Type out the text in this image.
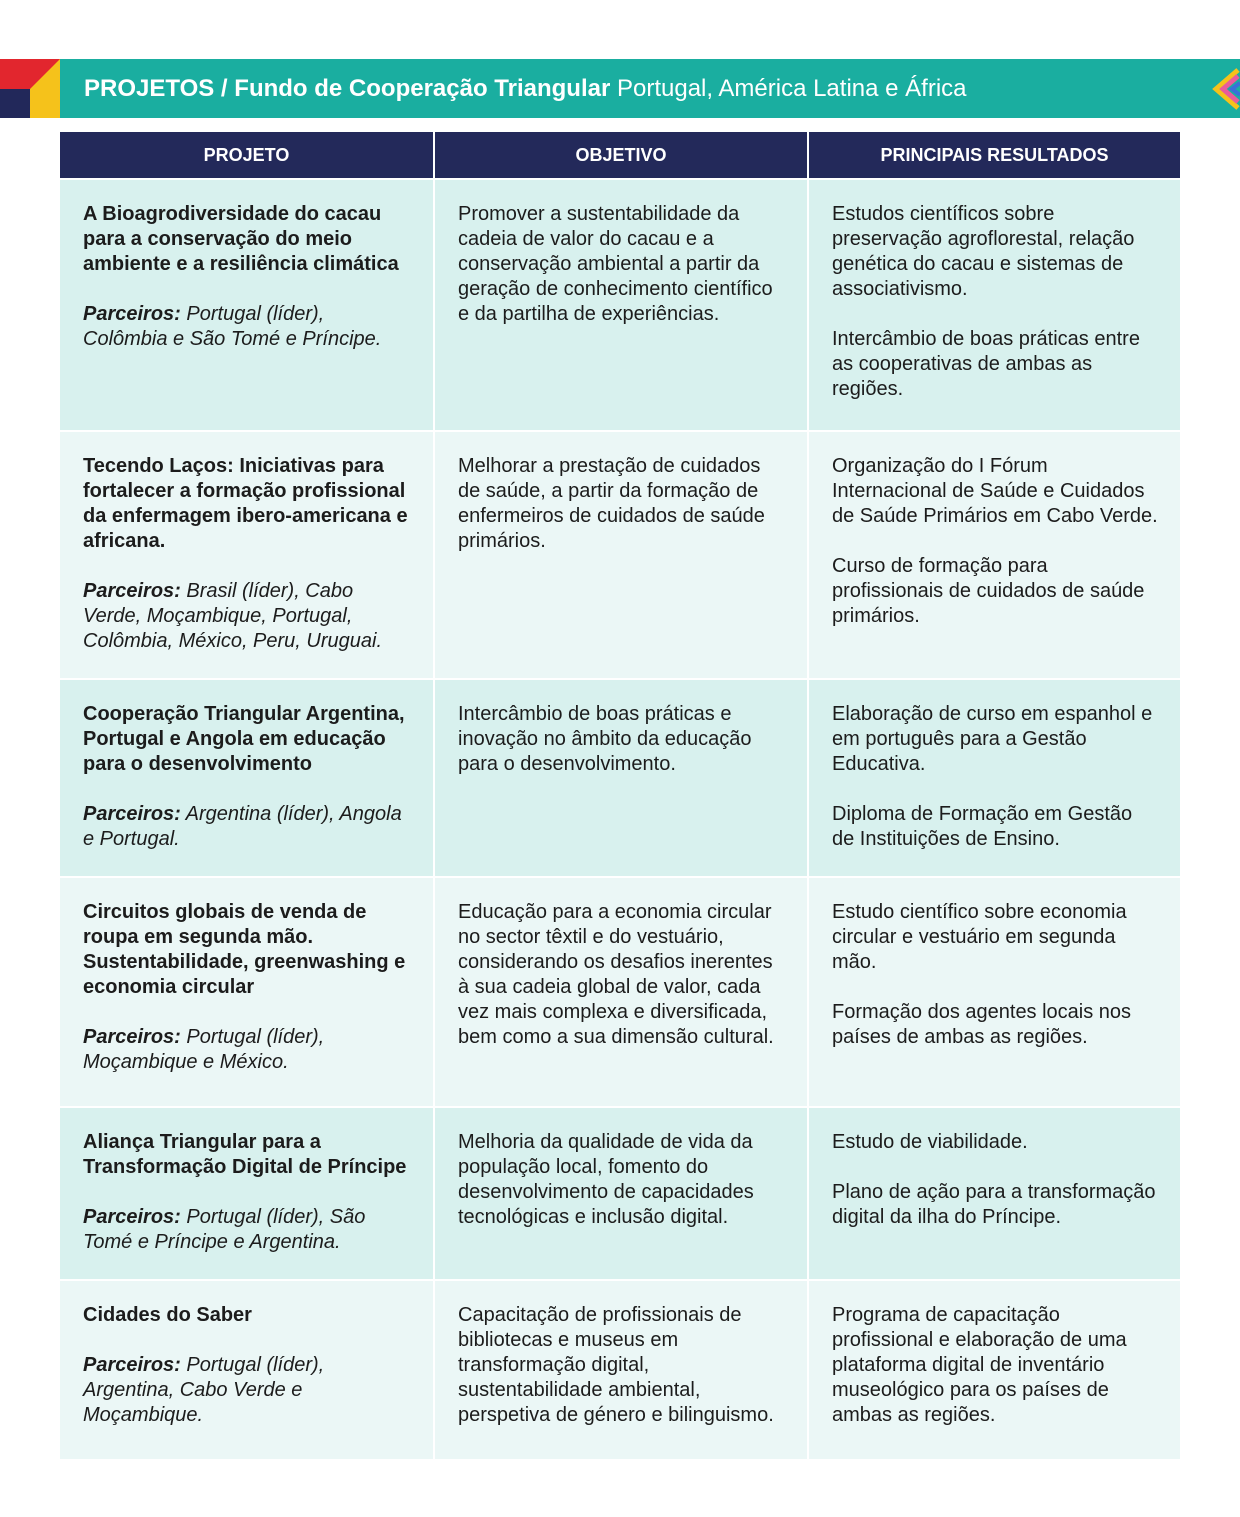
PROJETOS / Fundo de Cooperação Triangular Portugal, América Latina e África
PROJETO	OBJETIVO	PRINCIPAIS RESULTADOS
A Bioagrodiversidade do cacau para a conservação do meio ambiente e a resiliência climática
Parceiros: Portugal (líder), Colômbia e São Tomé e Príncipe.
Promover a sustentabilidade da cadeia de valor do cacau e a conservação ambiental a partir da geração de conhecimento científico e da partilha de experiências.
Estudos científicos sobre preservação agroflorestal, relação genética do cacau e sistemas de associativismo.
Intercâmbio de boas práticas entre as cooperativas de ambas as regiões.
Tecendo Laços: Iniciativas para fortalecer a formação profissional da enfermagem ibero-americana e africana.
Parceiros: Brasil (líder), Cabo Verde, Moçambique, Portugal, Colômbia, México, Peru, Uruguai.
Melhorar a prestação de cuidados de saúde, a partir da formação de enfermeiros de cuidados de saúde primários.
Organização do I Fórum Internacional de Saúde e Cuidados de Saúde Primários em Cabo Verde.
Curso de formação para profissionais de cuidados de saúde primários.
Cooperação Triangular Argentina, Portugal e Angola em educação para o desenvolvimento
Parceiros: Argentina (líder), Angola e Portugal.
Intercâmbio de boas práticas e inovação no âmbito da educação para o desenvolvimento.
Elaboração de curso em espanhol e em português para a Gestão Educativa.
Diploma de Formação em Gestão de Instituições de Ensino.
Circuitos globais de venda de roupa em segunda mão. Sustentabilidade, greenwashing e economia circular
Parceiros: Portugal (líder), Moçambique e México.
Educação para a economia circular no sector têxtil e do vestuário, considerando os desafios inerentes à sua cadeia global de valor, cada vez mais complexa e diversificada, bem como a sua dimensão cultural.
Estudo científico sobre economia circular e vestuário em segunda mão.
Formação dos agentes locais nos países de ambas as regiões.
Aliança Triangular para a Transformação Digital de Príncipe
Parceiros: Portugal (líder), São Tomé e Príncipe e Argentina.
Melhoria da qualidade de vida da população local, fomento do desenvolvimento de capacidades tecnológicas e inclusão digital.
Estudo de viabilidade.
Plano de ação para a transformação digital da ilha do Príncipe.
Cidades do Saber
Parceiros: Portugal (líder), Argentina, Cabo Verde e Moçambique.
Capacitação de profissionais de bibliotecas e museus em transformação digital, sustentabilidade ambiental, perspetiva de género e bilinguismo.
Programa de capacitação profissional e elaboração de uma plataforma digital de inventário museológico para os países de ambas as regiões.
